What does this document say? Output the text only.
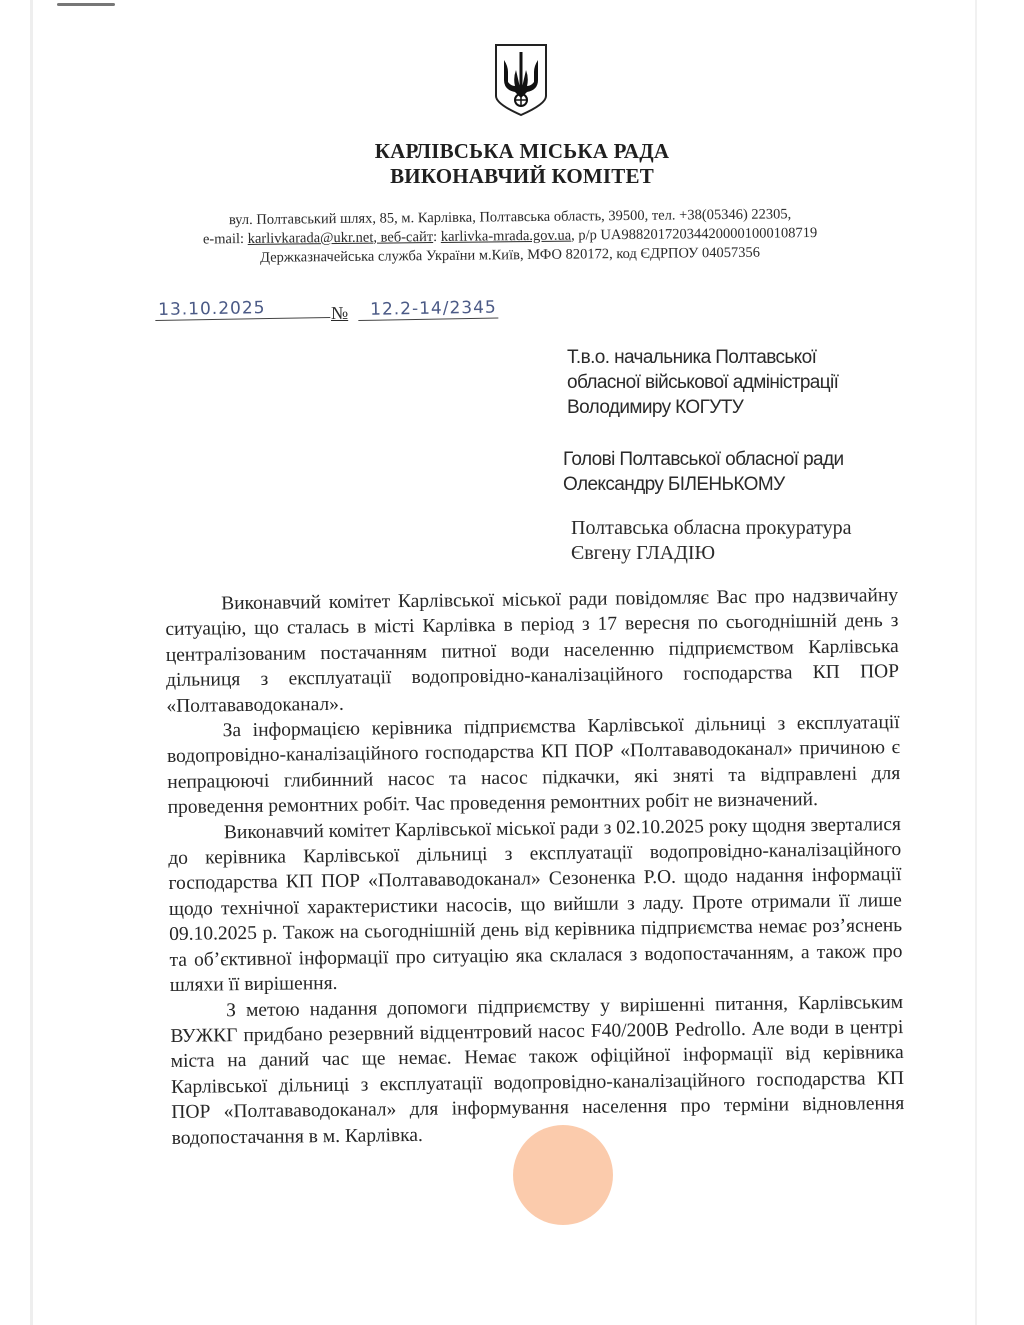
КАРЛІВСЬКА МІСЬКА РАДА
ВИКОНАВЧИЙ КОМІТЕТ
вул. Полтавський шлях, 85, м. Карлівка, Полтавська область, 39500, тел. +38(05346) 22305,
e-mail: karlivkarada@ukr.net, веб-сайт: karlivka-mrada.gov.ua, р/р UA988201720344200001000108719
Держказначейська служба України м.Київ, МФО 820172, код ЄДРПОУ 04057356
13.10.2025	№	12.2-14/2345
Т.в.о. начальника Полтавської
обласної військової адміністрації
Володимиру КОГУТУ
Голові Полтавської обласної ради
Олександру БІЛЕНЬКОМУ
Полтавська обласна прокуратура
Євгену ГЛАДІЮ

Виконавчий комітет Карлівської міської ради повідомляє Вас про надзвичайну ситуацію, що сталась в місті Карлівка в період з 17 вересня по сьогоднішній день з централізованим постачанням питної води населенню підприємством Карлівська дільниця з експлуатації водопровідно-каналізаційного господарства КП ПОР «Полтававодоканал».

За інформацією керівника підприємства Карлівської дільниці з експлуатації водопровідно-каналізаційного господарства КП ПОР «Полтававодоканал» причиною є непрацюючі глибинний насос та насос підкачки, які зняті та відправлені для проведення ремонтних робіт. Час проведення ремонтних робіт не визначений.

Виконавчий комітет Карлівської міської ради з 02.10.2025 року щодня зверталися до керівника Карлівської дільниці з експлуатації водопровідно-каналізаційного господарства КП ПОР «Полтававодоканал» Сезоненка Р.О. щодо надання інформації щодо технічної характеристики насосів, що вийшли з ладу. Проте отримали її лише 09.10.2025 р. Також на сьогоднішній день від керівника підприємства немає роз’яснень та об’єктивної інформації про ситуацію яка склалася з водопостачанням, а також про шляхи її вирішення.

З метою надання допомоги підприємству у вирішенні питання, Карлівським ВУЖКГ придбано резервний відцентровий насос F40/200B Pedrollo. Але води в центрі міста на даний час ще немає. Немає також офіційної інформації від керівника Карлівської дільниці з експлуатації водопровідно-каналізаційного господарства КП ПОР «Полтававодоканал» для інформування населення про терміни відновлення водопостачання в м. Карлівка.
